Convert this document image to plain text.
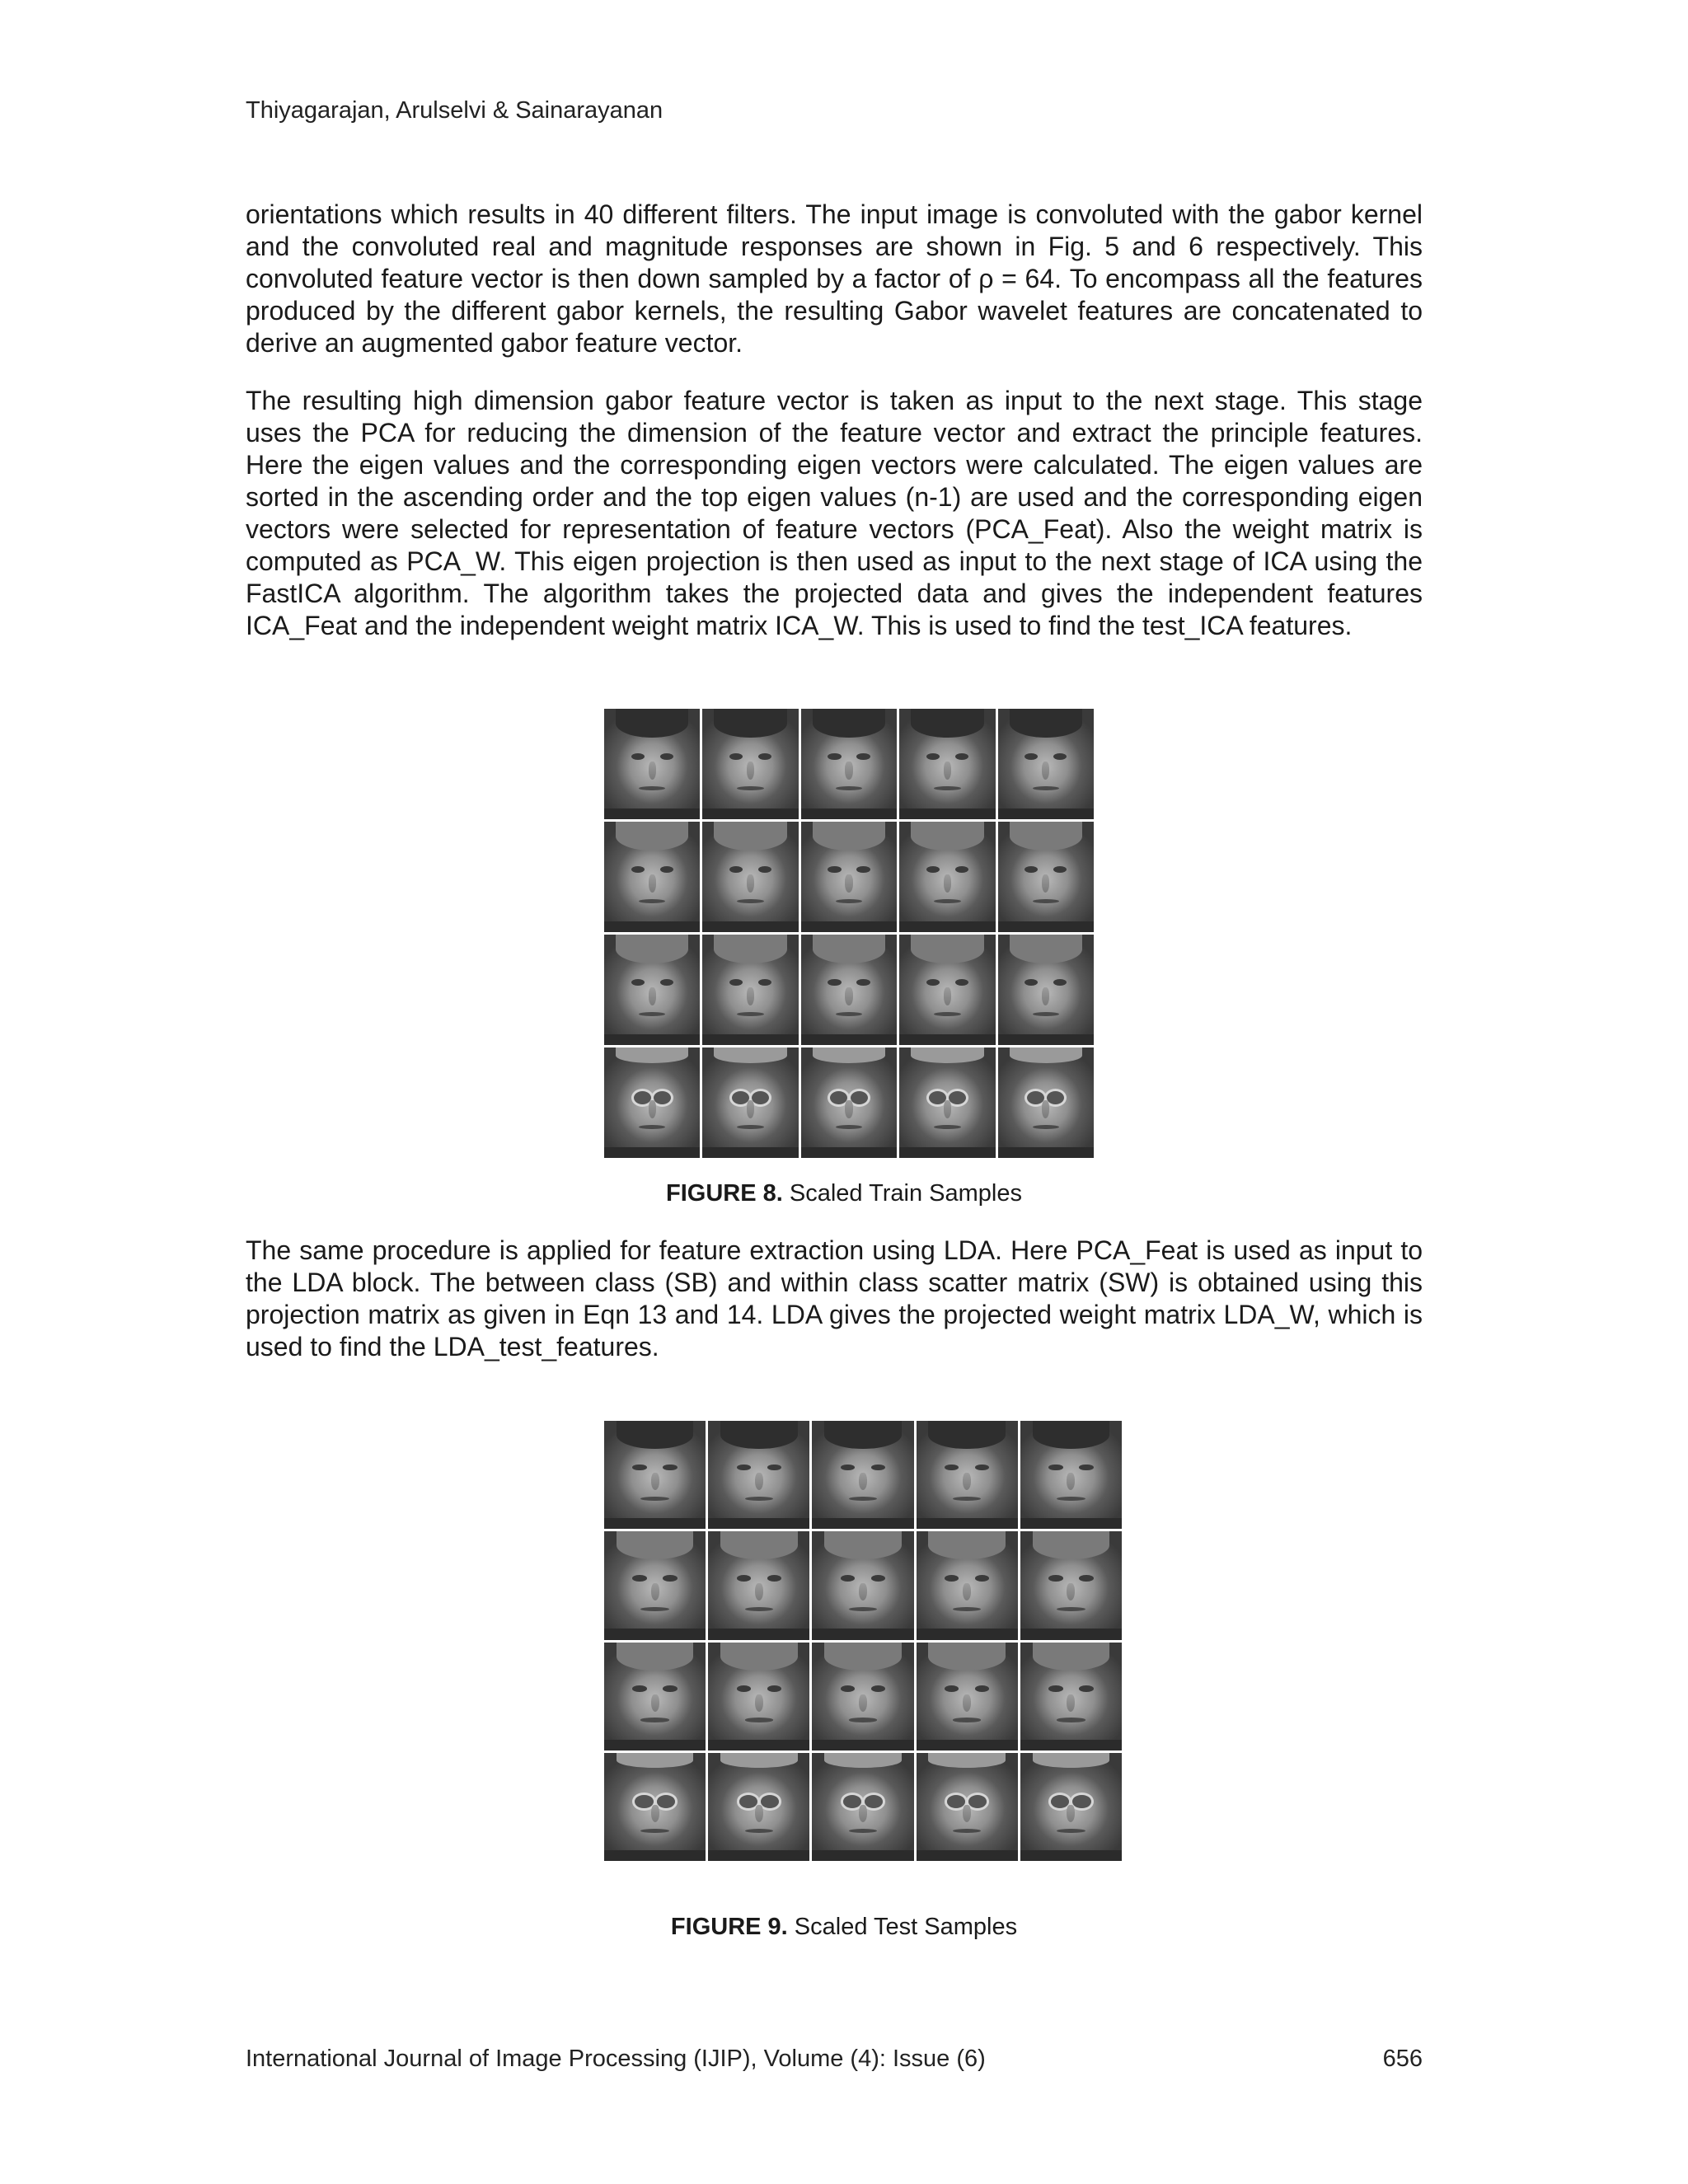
Thiyagarajan, Arulselvi & Sainarayanan

orientations which results in 40 different filters. The input image is convoluted with the gabor kernel and the convoluted real and magnitude responses are shown in Fig. 5 and 6 respectively. This convoluted feature vector is then down sampled by a factor of ρ = 64. To encompass all the features produced by the different gabor kernels, the resulting Gabor wavelet features are concatenated to derive an augmented gabor feature vector.

The resulting high dimension gabor feature vector is taken as input to the next stage. This stage uses the PCA for reducing the dimension of the feature vector and extract the principle features. Here the eigen values and the corresponding eigen vectors were calculated. The eigen values are sorted in the ascending order and the top eigen values (n-1) are used and the corresponding eigen vectors were selected for representation of feature vectors (PCA_Feat). Also the weight matrix is computed as PCA_W. This eigen projection is then used as input to the next stage of ICA using the FastICA algorithm. The algorithm takes the projected data and gives the independent features ICA_Feat and the independent weight matrix ICA_W. This is used to find the test_ICA features.

FIGURE 8. Scaled Train Samples

The same procedure is applied for feature extraction using LDA. Here PCA_Feat is used as input to the LDA block. The between class (SB) and within class scatter matrix (SW) is obtained using this projection matrix as given in Eqn 13 and 14. LDA gives the projected weight matrix LDA_W, which is used to find the LDA_test_features.

FIGURE 9. Scaled Test Samples
International Journal of Image Processing (IJIP), Volume (4): Issue (6)	656
